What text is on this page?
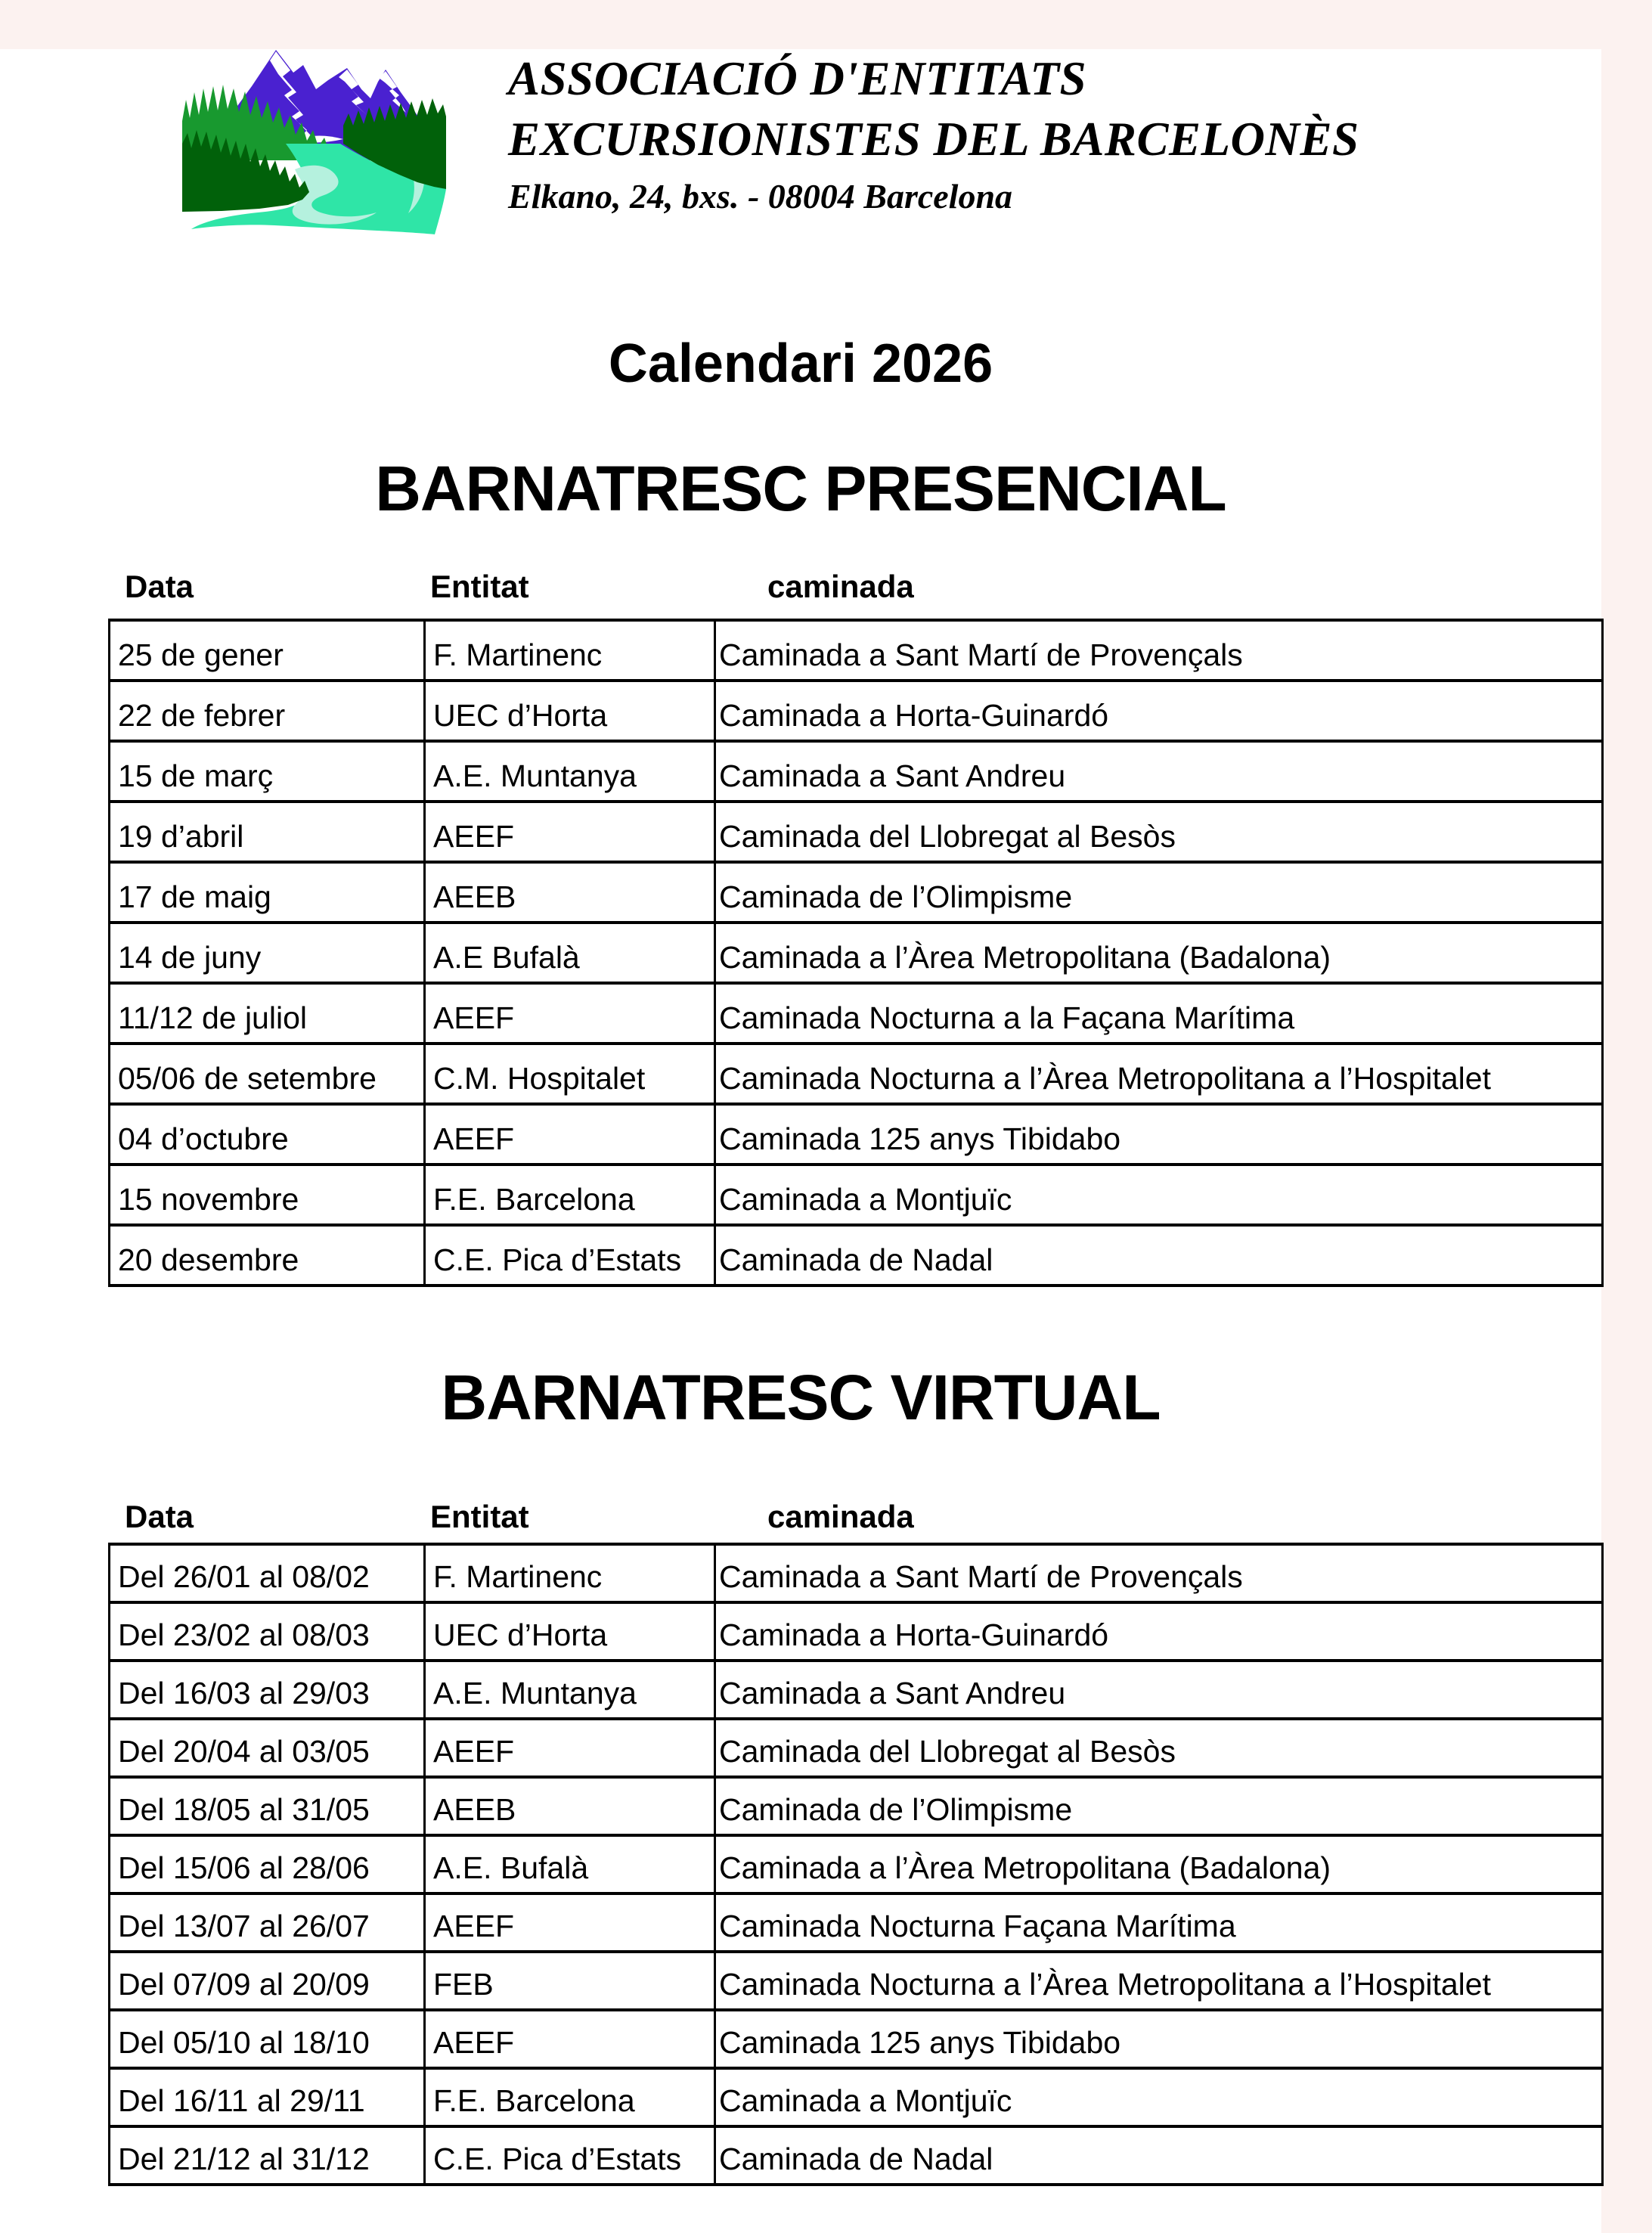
ASSOCIACIÓ D'ENTITATS
EXCURSIONISTES DEL BARCELONÈS
Elkano, 24, bxs. - 08004 Barcelona
Calendari 2026
BARNATRESC PRESENCIAL
Data	Entitat	caminada
25 de gener	F. Martinenc	Caminada a Sant Martí de Provençals
22 de febrer	UEC d’Horta	Caminada a Horta-Guinardó
15 de març	A.E. Muntanya	Caminada a Sant Andreu
19 d’abril	AEEF	Caminada del Llobregat al Besòs
17 de maig	AEEB	Caminada de l’Olimpisme
14 de juny	A.E Bufalà	Caminada a l’Àrea Metropolitana (Badalona)
11/12 de juliol	AEEF	Caminada Nocturna a la Façana Marítima
05/06 de setembre	C.M. Hospitalet	Caminada Nocturna a l’Àrea Metropolitana a l’Hospitalet
04 d’octubre	AEEF	Caminada 125 anys Tibidabo
15 novembre	F.E. Barcelona	Caminada a Montjuïc
20 desembre	C.E. Pica d’Estats	Caminada de Nadal
BARNATRESC VIRTUAL
Data	Entitat	caminada
Del 26/01 al 08/02	F. Martinenc	Caminada a Sant Martí de Provençals
Del 23/02 al 08/03	UEC d’Horta	Caminada a Horta-Guinardó
Del 16/03 al 29/03	A.E. Muntanya	Caminada a Sant Andreu
Del 20/04 al 03/05	AEEF	Caminada del Llobregat al Besòs
Del 18/05 al 31/05	AEEB	Caminada de l’Olimpisme
Del 15/06 al 28/06	A.E. Bufalà	Caminada a l’Àrea Metropolitana (Badalona)
Del 13/07 al 26/07	AEEF	Caminada Nocturna Façana Marítima
Del 07/09 al 20/09	FEB	Caminada Nocturna a l’Àrea Metropolitana a l’Hospitalet
Del 05/10 al 18/10	AEEF	Caminada 125 anys Tibidabo
Del 16/11 al 29/11	F.E. Barcelona	Caminada a Montjuïc
Del 21/12 al 31/12	C.E. Pica d’Estats	Caminada de Nadal
